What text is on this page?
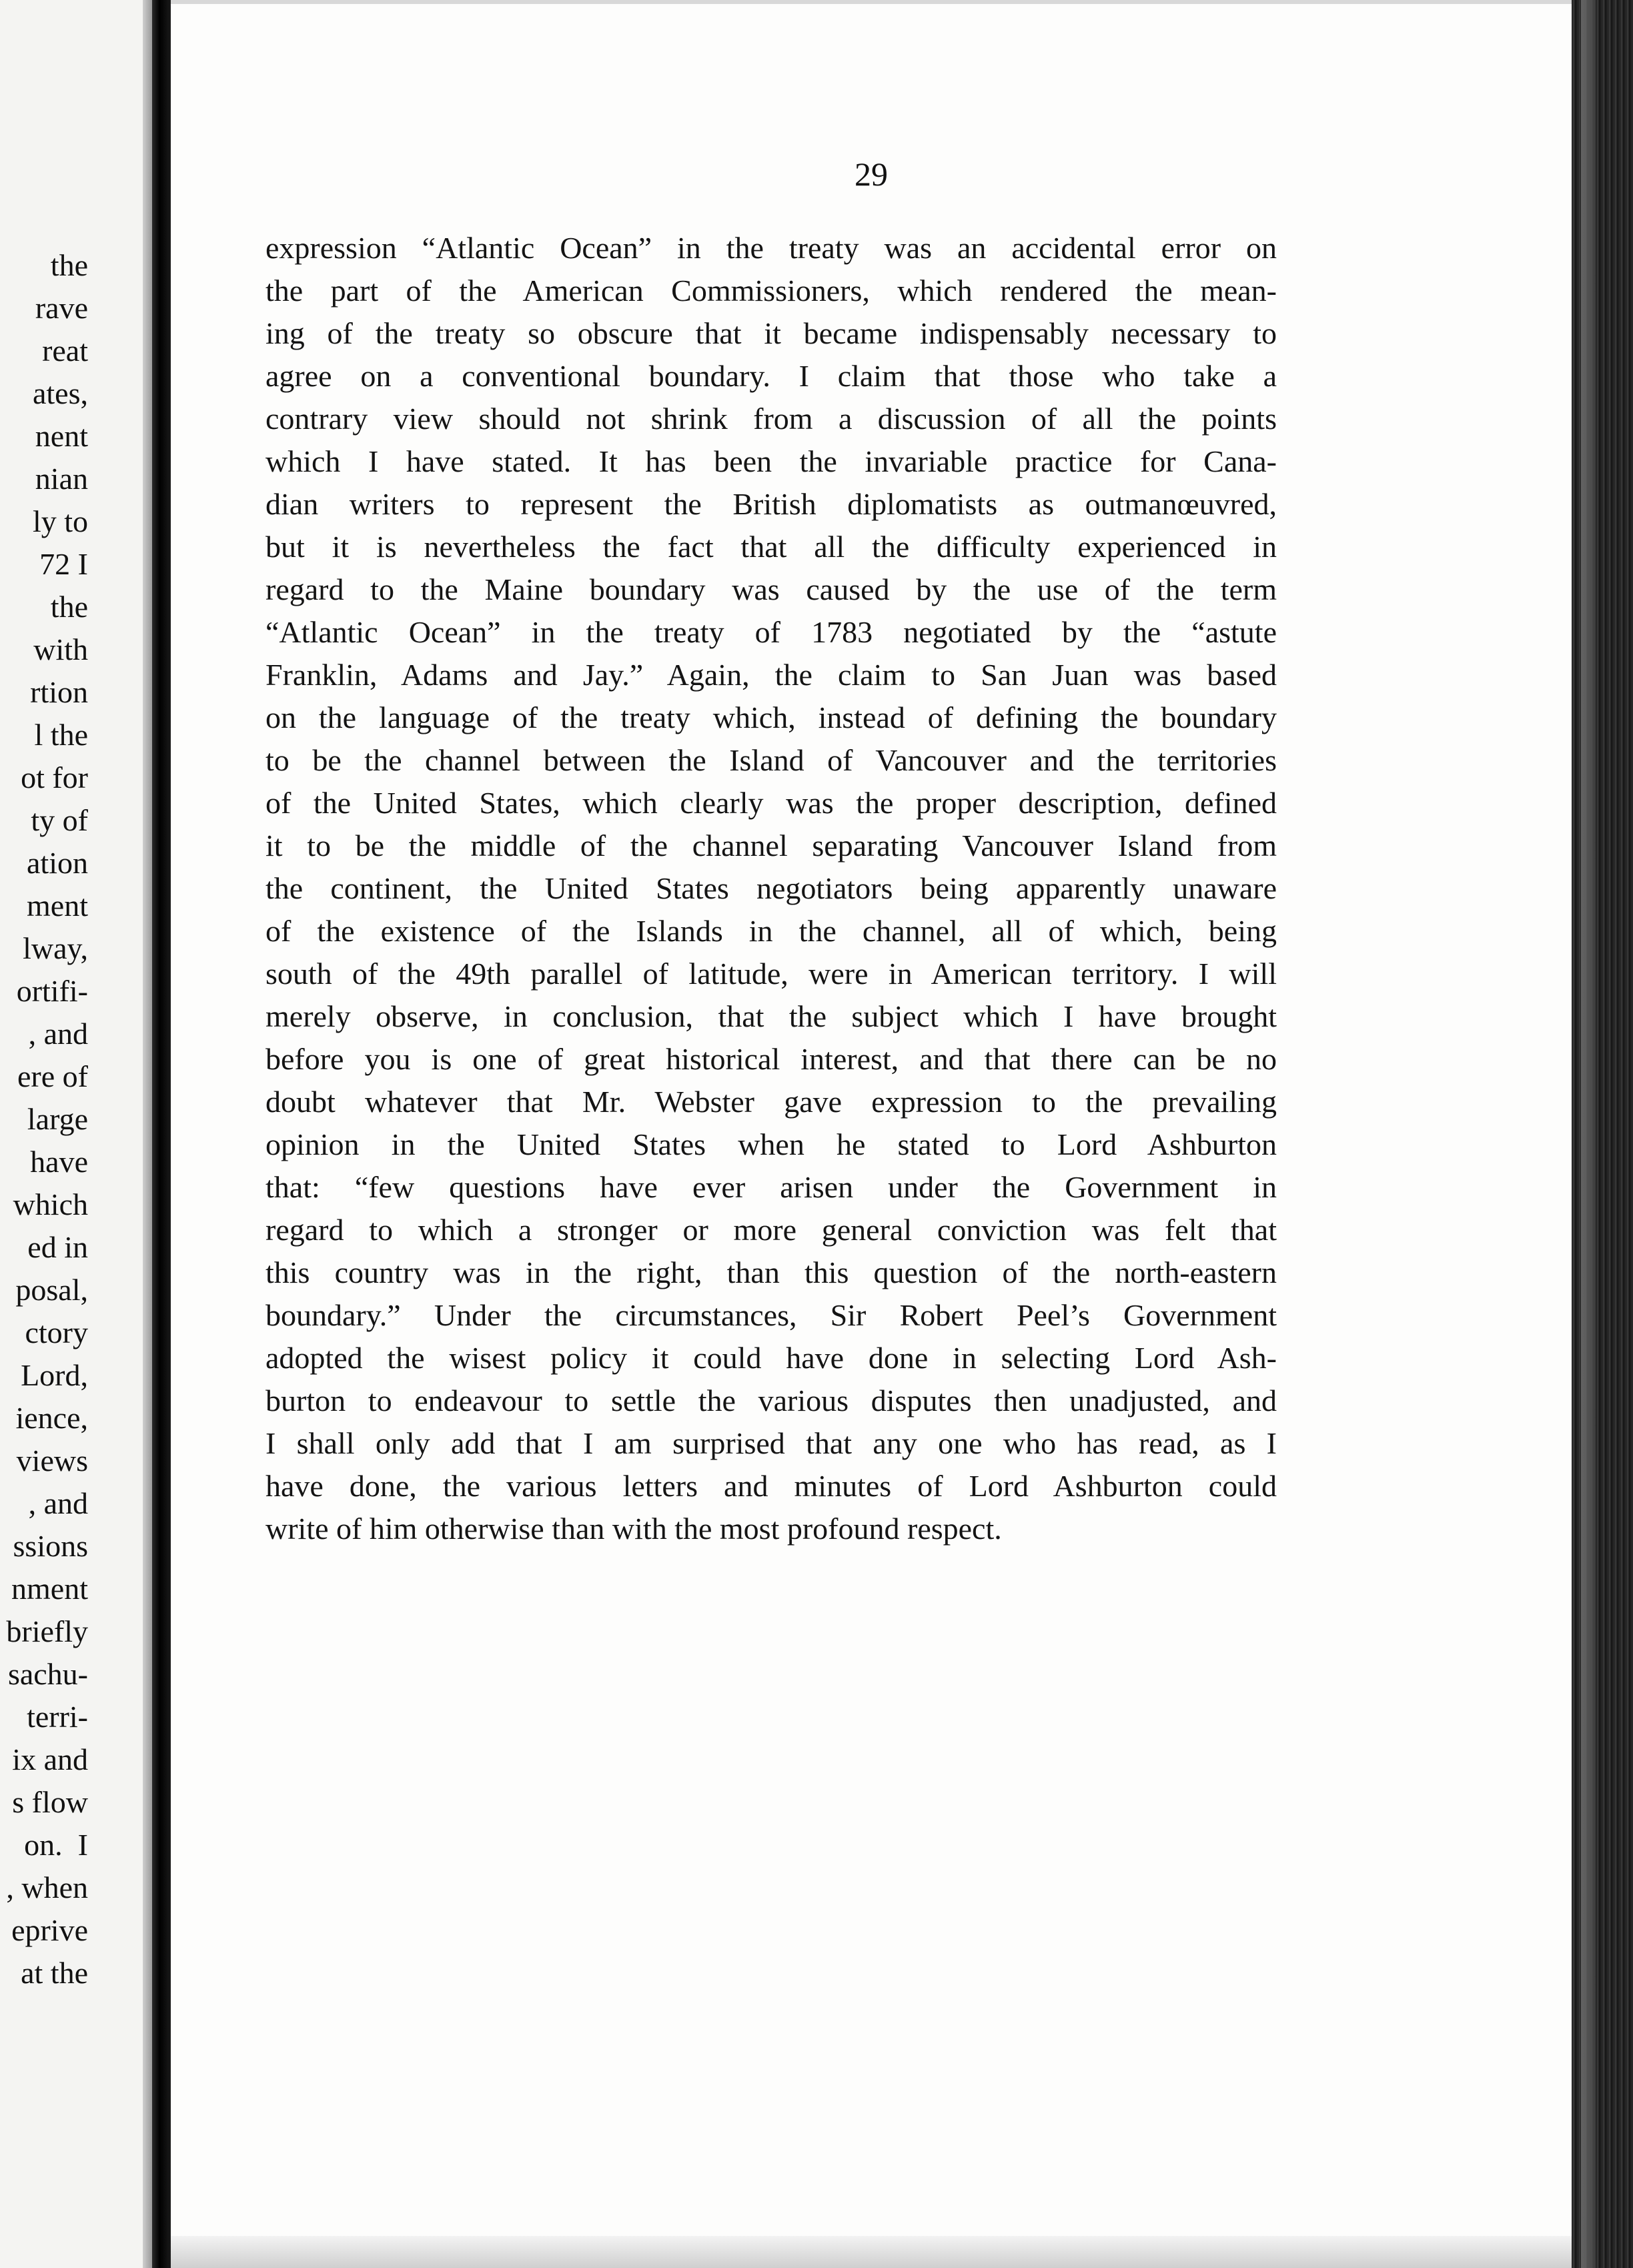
the
rave
reat
ates,
nent
nian
ly to
72 I
the
with
rtion
l the
ot for
ty of
ation
ment
lway,
ortifi-
, and
ere of
large
have
which
ed in
posal,
ctory
Lord,
ience,
views
, and
ssions
nment
briefly
sachu-
terri-
ix and
s flow
on.  I
, when
eprive
at the
29
expression “Atlantic Ocean” in the treaty was an accidental error on
the part of the American Commissioners, which rendered the mean-
ing of the treaty so obscure that it became indispensably necessary to
agree on a conventional boundary. I claim that those who take a
contrary view should not shrink from a discussion of all the points
which I have stated. It has been the invariable practice for Cana-
dian writers to represent the British diplomatists as outmanœuvred,
but it is nevertheless the fact that all the difficulty experienced in
regard to the Maine boundary was caused by the use of the term
“Atlantic Ocean” in the treaty of 1783 negotiated by the “astute
Franklin, Adams and Jay.” Again, the claim to San Juan was based
on the language of the treaty which, instead of defining the boundary
to be the channel between the Island of Vancouver and the territories
of the United States, which clearly was the proper description, defined
it to be the middle of the channel separating Vancouver Island from
the continent, the United States negotiators being apparently unaware
of the existence of the Islands in the channel, all of which, being
south of the 49th parallel of latitude, were in American territory. I will
merely observe, in conclusion, that the subject which I have brought
before you is one of great historical interest, and that there can be no
doubt whatever that Mr. Webster gave expression to the prevailing
opinion in the United States when he stated to Lord Ashburton
that: “few questions have ever arisen under the Government in
regard to which a stronger or more general conviction was felt that
this country was in the right, than this question of the north-eastern
boundary.” Under the circumstances, Sir Robert Peel’s Government
adopted the wisest policy it could have done in selecting Lord Ash-
burton to endeavour to settle the various disputes then unadjusted, and
I shall only add that I am surprised that any one who has read, as I
have done, the various letters and minutes of Lord Ashburton could
write of him otherwise than with the most profound respect.
